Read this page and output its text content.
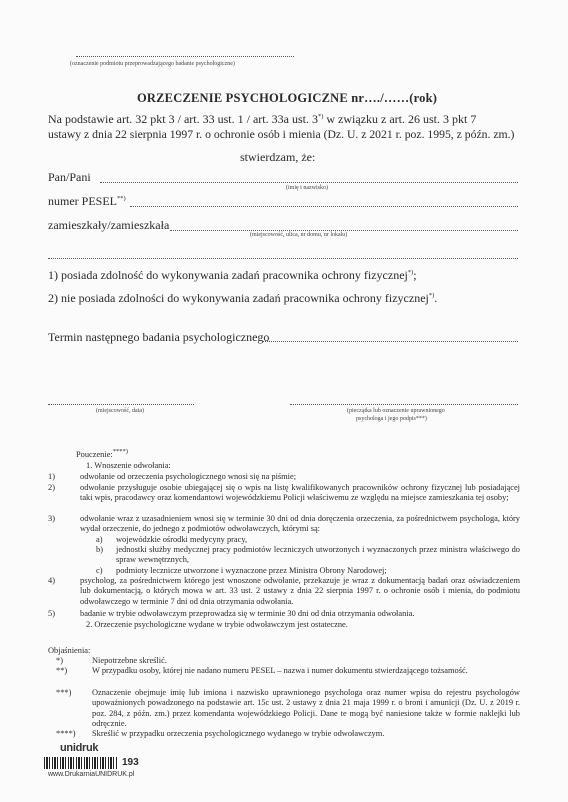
(oznaczenie podmiotu przeprowadzającego badanie psychologiczne)
ORZECZENIE PSYCHOLOGICZNE nr…./……(rok)
Na podstawie art. 32 pkt 3 / art. 33 ust. 1 / art. 33a ust. 3*) w związku z art. 26 ust. 3 pkt 7
ustawy z dnia 22 sierpnia 1997 r. o ochronie osób i mienia (Dz. U. z 2021 r. poz. 1995, z późn. zm.)
stwierdzam, że:
Pan/Pani
(imię i nazwisko)
numer PESEL**)
zamieszkały/zamieszkała
(miejscowość, ulica, nr domu, nr lokalu)
1) posiada zdolność do wykonywania zadań pracownika ochrony fizycznej*);
2) nie posiada zdolności do wykonywania zadań pracownika ochrony fizycznej*).
Termin następnego badania psychologicznego
(miejscowość, data)	(pieczątka lub oznaczenie uprawnionego
psychologa i jego podpis***)
Pouczenie:****)
1. Wnoszenie odwołania:
1)	odwołanie od orzeczenia psychologicznego wnosi się na piśmie;
2)	odwołanie przysługuje osobie ubiegającej się o wpis na listę kwalifikowanych pracowników ochrony fizycznej lub posiadającej taki wpis, pracodawcy oraz komendantowi wojewódzkiemu Policji właściwemu ze względu na miejsce zamieszkania tej osoby;
3)	odwołanie wraz z uzasadnieniem wnosi się w terminie 30 dni od dnia doręczenia orzeczenia, za pośrednictwem psychologa, który wydał orzeczenie, do jednego z podmiotów odwoławczych, którymi są:
a) wojewódzkie ośrodki medycyny pracy,
b) jednostki służby medycznej pracy podmiotów leczniczych utworzonych i wyznaczonych przez ministra właściwego do spraw wewnętrznych,
c) podmioty lecznicze utworzone i wyznaczone przez Ministra Obrony Narodowej;
4)	psycholog, za pośrednictwem którego jest wnoszone odwołanie, przekazuje je wraz z dokumentacją badań oraz oświadczeniem lub dokumentacją, o których mowa w art. 33 ust. 2 ustawy z dnia 22 sierpnia 1997 r. o ochronie osób i mienia, do podmiotu odwoławczego w terminie 7 dni od dnia otrzymania odwołania.
5)	badanie w trybie odwoławczym przeprowadza się w terminie 30 dni od dnia otrzymania odwołania.
2. Orzeczenie psychologiczne wydane w trybie odwoławczym jest ostateczne.
Objaśnienia:
*)	Niepotrzebne skreślić.
**)	W przypadku osoby, której nie nadano numeru PESEL – nazwa i numer dokumentu stwierdzającego tożsamość.
***) Oznaczenie obejmuje imię lub imiona i nazwisko uprawnionego psychologa oraz numer wpisu do rejestru psychologów upoważnionych powadzonego na podstawie art. 15c ust. 2 ustawy z dnia 21 maja 1999 r. o broni i amunicji (Dz. U. z 2019 r. poz. 284, z późn. zm.) przez komendanta wojewódzkiego Policji. Dane te mogą być naniesione także w formie naklejki lub odręcznie.
****) Skreślić w przypadku orzeczenia psychologicznego wydanego w trybie odwoławczym.
unidruk
193
www.DrukarniaUNIDRUK.pl
